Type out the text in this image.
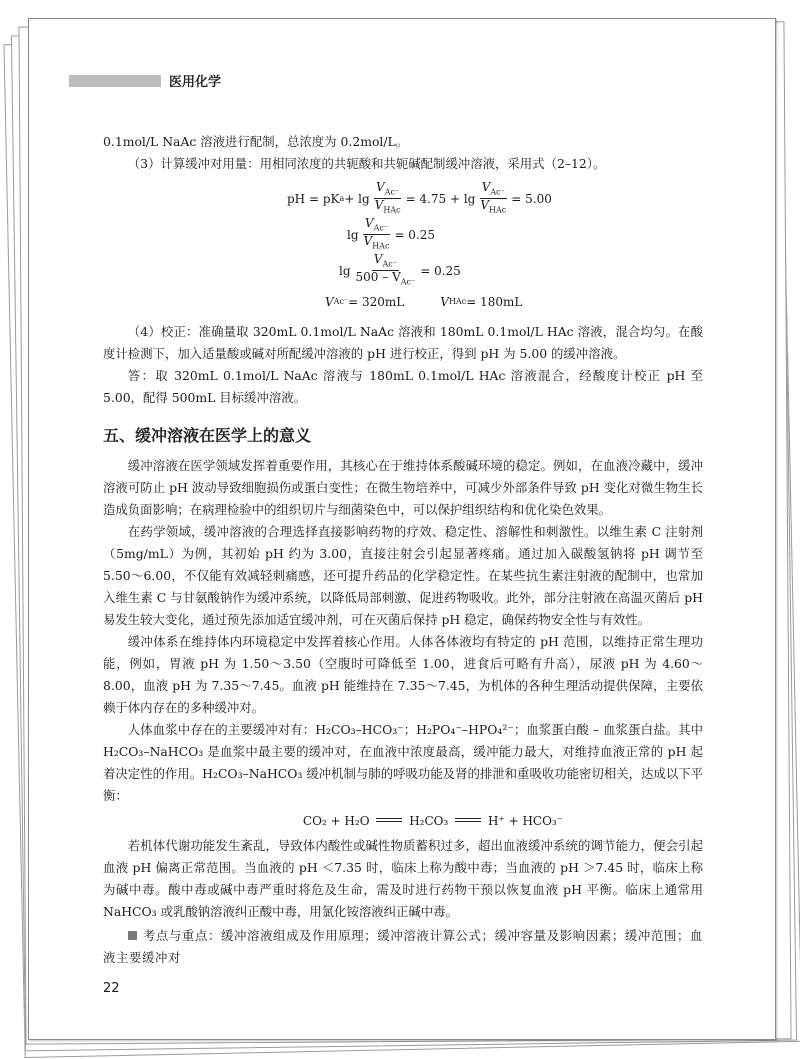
医用化学

0.1mol/L NaAc 溶液进行配制，总浓度为 0.2mol/L。

（3）计算缓冲对用量：用相同浓度的共轭酸和共轭碱配制缓冲溶液，采用式（2–12）。

pH = pK $a + \lg \frac{V_{Ac^-}}{V_{HAc}} = 4.75 + \lg \frac{V_{Ac^-}}{V_{HAc}} = 5.00$
$\lg \frac{V_{Ac^-}}{V_{HAc}} = 0.25$
$\lg \frac{V_{Ac^-}}{500 - V_{Ac^-}} = 0.25$
V Ac⁻ = 320mL	V HAc = 180mL

（4）校正：准确量取 320mL 0.1mol/L NaAc 溶液和 180mL 0.1mol/L HAc 溶液，混合均匀。在酸度计检测下，加入适量酸或碱对所配缓冲溶液的 pH 进行校正，得到 pH 为 5.00 的缓冲溶液。

答：取 320mL 0.1mol/L NaAc 溶液与 180mL 0.1mol/L HAc 溶液混合，经酸度计校正 pH 至 5.00，配得 500mL 目标缓冲溶液。

五、缓冲溶液在医学上的意义

缓冲溶液在医学领域发挥着重要作用，其核心在于维持体系酸碱环境的稳定。例如，在血液冷藏中，缓冲溶液可防止 pH 波动导致细胞损伤或蛋白变性；在微生物培养中，可减少外部条件导致 pH 变化对微生物生长造成负面影响；在病理检验中的组织切片与细菌染色中，可以保护组织结构和优化染色效果。

在药学领域，缓冲溶液的合理选择直接影响药物的疗效、稳定性、溶解性和刺激性。以维生素 C 注射剂（5mg/mL）为例，其初始 pH 约为 3.00，直接注射会引起显著疼痛。通过加入碳酸氢钠将 pH 调节至 5.50～6.00，不仅能有效减轻刺痛感，还可提升药品的化学稳定性。在某些抗生素注射液的配制中，也常加入维生素 C 与甘氨酸钠作为缓冲系统，以降低局部刺激、促进药物吸收。此外，部分注射液在高温灭菌后 pH 易发生较大变化，通过预先添加适宜缓冲剂，可在灭菌后保持 pH 稳定，确保药物安全性与有效性。

缓冲体系在维持体内环境稳定中发挥着核心作用。人体各体液均有特定的 pH 范围，以维持正常生理功能，例如，胃液 pH 为 1.50～3.50（空腹时可降低至 1.00，进食后可略有升高），尿液 pH 为 4.60～8.00，血液 pH 为 7.35～7.45。血液 pH 能维持在 7.35～7.45，为机体的各种生理活动提供保障，主要依赖于体内存在的多种缓冲对。

人体血浆中存在的主要缓冲对有：H₂CO₃–HCO₃⁻；H₂PO₄⁻–HPO₄²⁻；血浆蛋白酸 – 血浆蛋白盐。其中 H₂CO₃–NaHCO₃ 是血浆中最主要的缓冲对，在血液中浓度最高，缓冲能力最大，对维持血液正常的 pH 起着决定性的作用。H₂CO₃–NaHCO₃ 缓冲机制与肺的呼吸功能及肾的排泄和重吸收功能密切相关，达成以下平衡：

CO₂ + H₂O	H₂CO₃	H⁺ + HCO₃⁻

若机体代谢功能发生紊乱，导致体内酸性或碱性物质蓄积过多，超出血液缓冲系统的调节能力，便会引起血液 pH 偏离正常范围。当血液的 pH ＜7.35 时，临床上称为酸中毒；当血液的 pH ＞7.45 时，临床上称为碱中毒。酸中毒或碱中毒严重时将危及生命，需及时进行药物干预以恢复血液 pH 平衡。临床上通常用 NaHCO₃ 或乳酸钠溶液纠正酸中毒，用氯化铵溶液纠正碱中毒。

考点与重点：缓冲溶液组成及作用原理；缓冲溶液计算公式；缓冲容量及影响因素；缓冲范围；血液主要缓冲对

22
